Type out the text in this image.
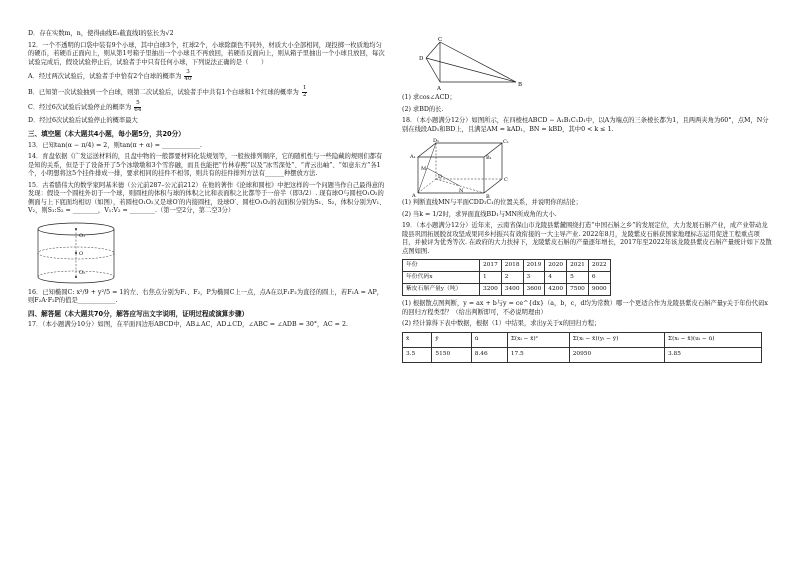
D．存在实数m，n，使得曲线E₁截直线l的弦长为√2

12．一个不透明的口袋中装有9个小球，其中白球3个，红球2个，小球除颜色不同外，材质大小全部相同，现投掷一枚质地均匀的硬币，若硬币正面向上，则从第1号箱子里抽出一个小球且不再放回，若硬币反面向上，则从箱子里抽出一个小球且放回，每次试验完成后，假设试验停止后，试验者手中只有任何小球，下列说法正确的是（　　）

A．经过两次试验后，试验者手中恰有2个白球的概率为 $\frac{3}{40}$

B．已知第一次试验抽到一个白球，则第二次试验后，试验者手中共有1个白球和1个红球的概率为 $\frac{1}{2}$

C．经过6次试验后试验停止的概率为 $\frac{5}{64}$

D．经过6次试验后试验停止的概率最大

三、填空题（本大题共4小题，每小题5分，共20分）

13．已知tan(α − π/4) = 2，则tan(π + α) = ____________.

14．育盘依据《广发运送材料的，且盘中物的一般都要材料化装规划等，一般按排列顺序，它的随机性与一些隐藏的规则们都有是知的关系，但是于了设备开了5个冰墩墩和3个雪容融，而且也能把“竹林春熙”以及“冰雪深处”、“青云出岫”、“如意东方”各1个，小明想将这5个挂件排成一排，要求相同的挂件不相邻，则共有的挂件排列方法有______种摆放方法.

15．古希腊伟大的数学家阿基米德（公元前287–公元前212）在他的著作《论球和圆柱》中把这样的一个问题当作自己最得意的发现：假设一个圆柱外切于一个球，则圆柱的体积与球的体积之比和表面积之比都等于一倍半（即3/2）. 现有球O与圆柱O₁O₂的侧面与上下底面均相切（如图），若圆柱O₁O₂又是球O′的内接圆柱，设球O′、圆柱O₁O₂的表面积分别为S₁、S₂，体积分别为V₁、V₂，则S₁:S₂ = ________，V₁:V₂ = ________.（第一空2分，第二空3分）

O₁
O
O₂

16．已知椭圆C: x²/9 + y²/5 = 1的左、右焦点分别为F₁、F₂，P为椭圆C上一点，点A在以F₁F₂为直径的圆上，若F₁A = AP，则F₂A·F₂P的值是____________.

四、解答题（本大题共70分，解答应写出文字说明，证明过程或演算步骤）

17．（本小题满分10分）如图，在平面四边形ABCD中，AB⊥AC，AD⊥CD，∠ABC = ∠ADB = 30°，AC = 2.

C
D
A
B

(1) 求cos∠ACD；

(2) 求BD的长.

18．（本小题满分12分）如图所示，在四棱柱ABCD − A₁B₁C₁D₁中，以A为端点的三条棱长都为1，且两两夹角为60°，点M，N分别在线段AD₁和BD上，且满足AM = kAD₁，BN = kBD，其中0 < k ≤ 1.

D₁	C₁
A₁	B₁
D	C
A	B
M
N

(1) 判断直线MN与平面CDD₁C₁的位置关系，并说明你的结论；

(2) 当k = 1/2时，求异面直线BD₁与MN所成角的大小.

19．（本小题满分12分）近年来，云南省保山市龙陵县紫麓围绕打造“中国石斛之乡”的发展定位，大力发展石斛产业，成产业带动龙陵县巩固拓展脱贫攻坚成果同乡村振兴有效衔接的一大主导产业. 2022年8月，龙陵紫皮石斛获国家地理标志运用促进工程重点项目，并被评为优秀等次. 在政府的大力扶持下，龙陵紫皮石斛的产量逐年增长，2017年至2022年该龙陵县紫皮石斛产量统计如下及散点图如图.

年份	2017	2018	2019	2020	2021	2022
年份代码x	1	2	3	4	5	6
紫皮石斛产量y（吨）	3200	3400	3600	4200	7500	9000

(1) 根据散点图判断，y = ax + b与y = ce^{dx}（a，b，c，d均为常数）哪一个更适合作为龙陵县紫皮石斛产量y关于年份代码x的回归方程类型？（给出判断即可，不必说明理由）

(2) 经计算得下表中数据，根据（1）中结果，求出y关于x的回归方程；

x̄	ȳ	ū	Σ(xᵢ − x̄)²	Σ(xᵢ − x̄)(yᵢ − ȳ)	Σ(xᵢ − x̄)(uᵢ − ū)
3.5	5150	8.46	17.5	20950	3.85
